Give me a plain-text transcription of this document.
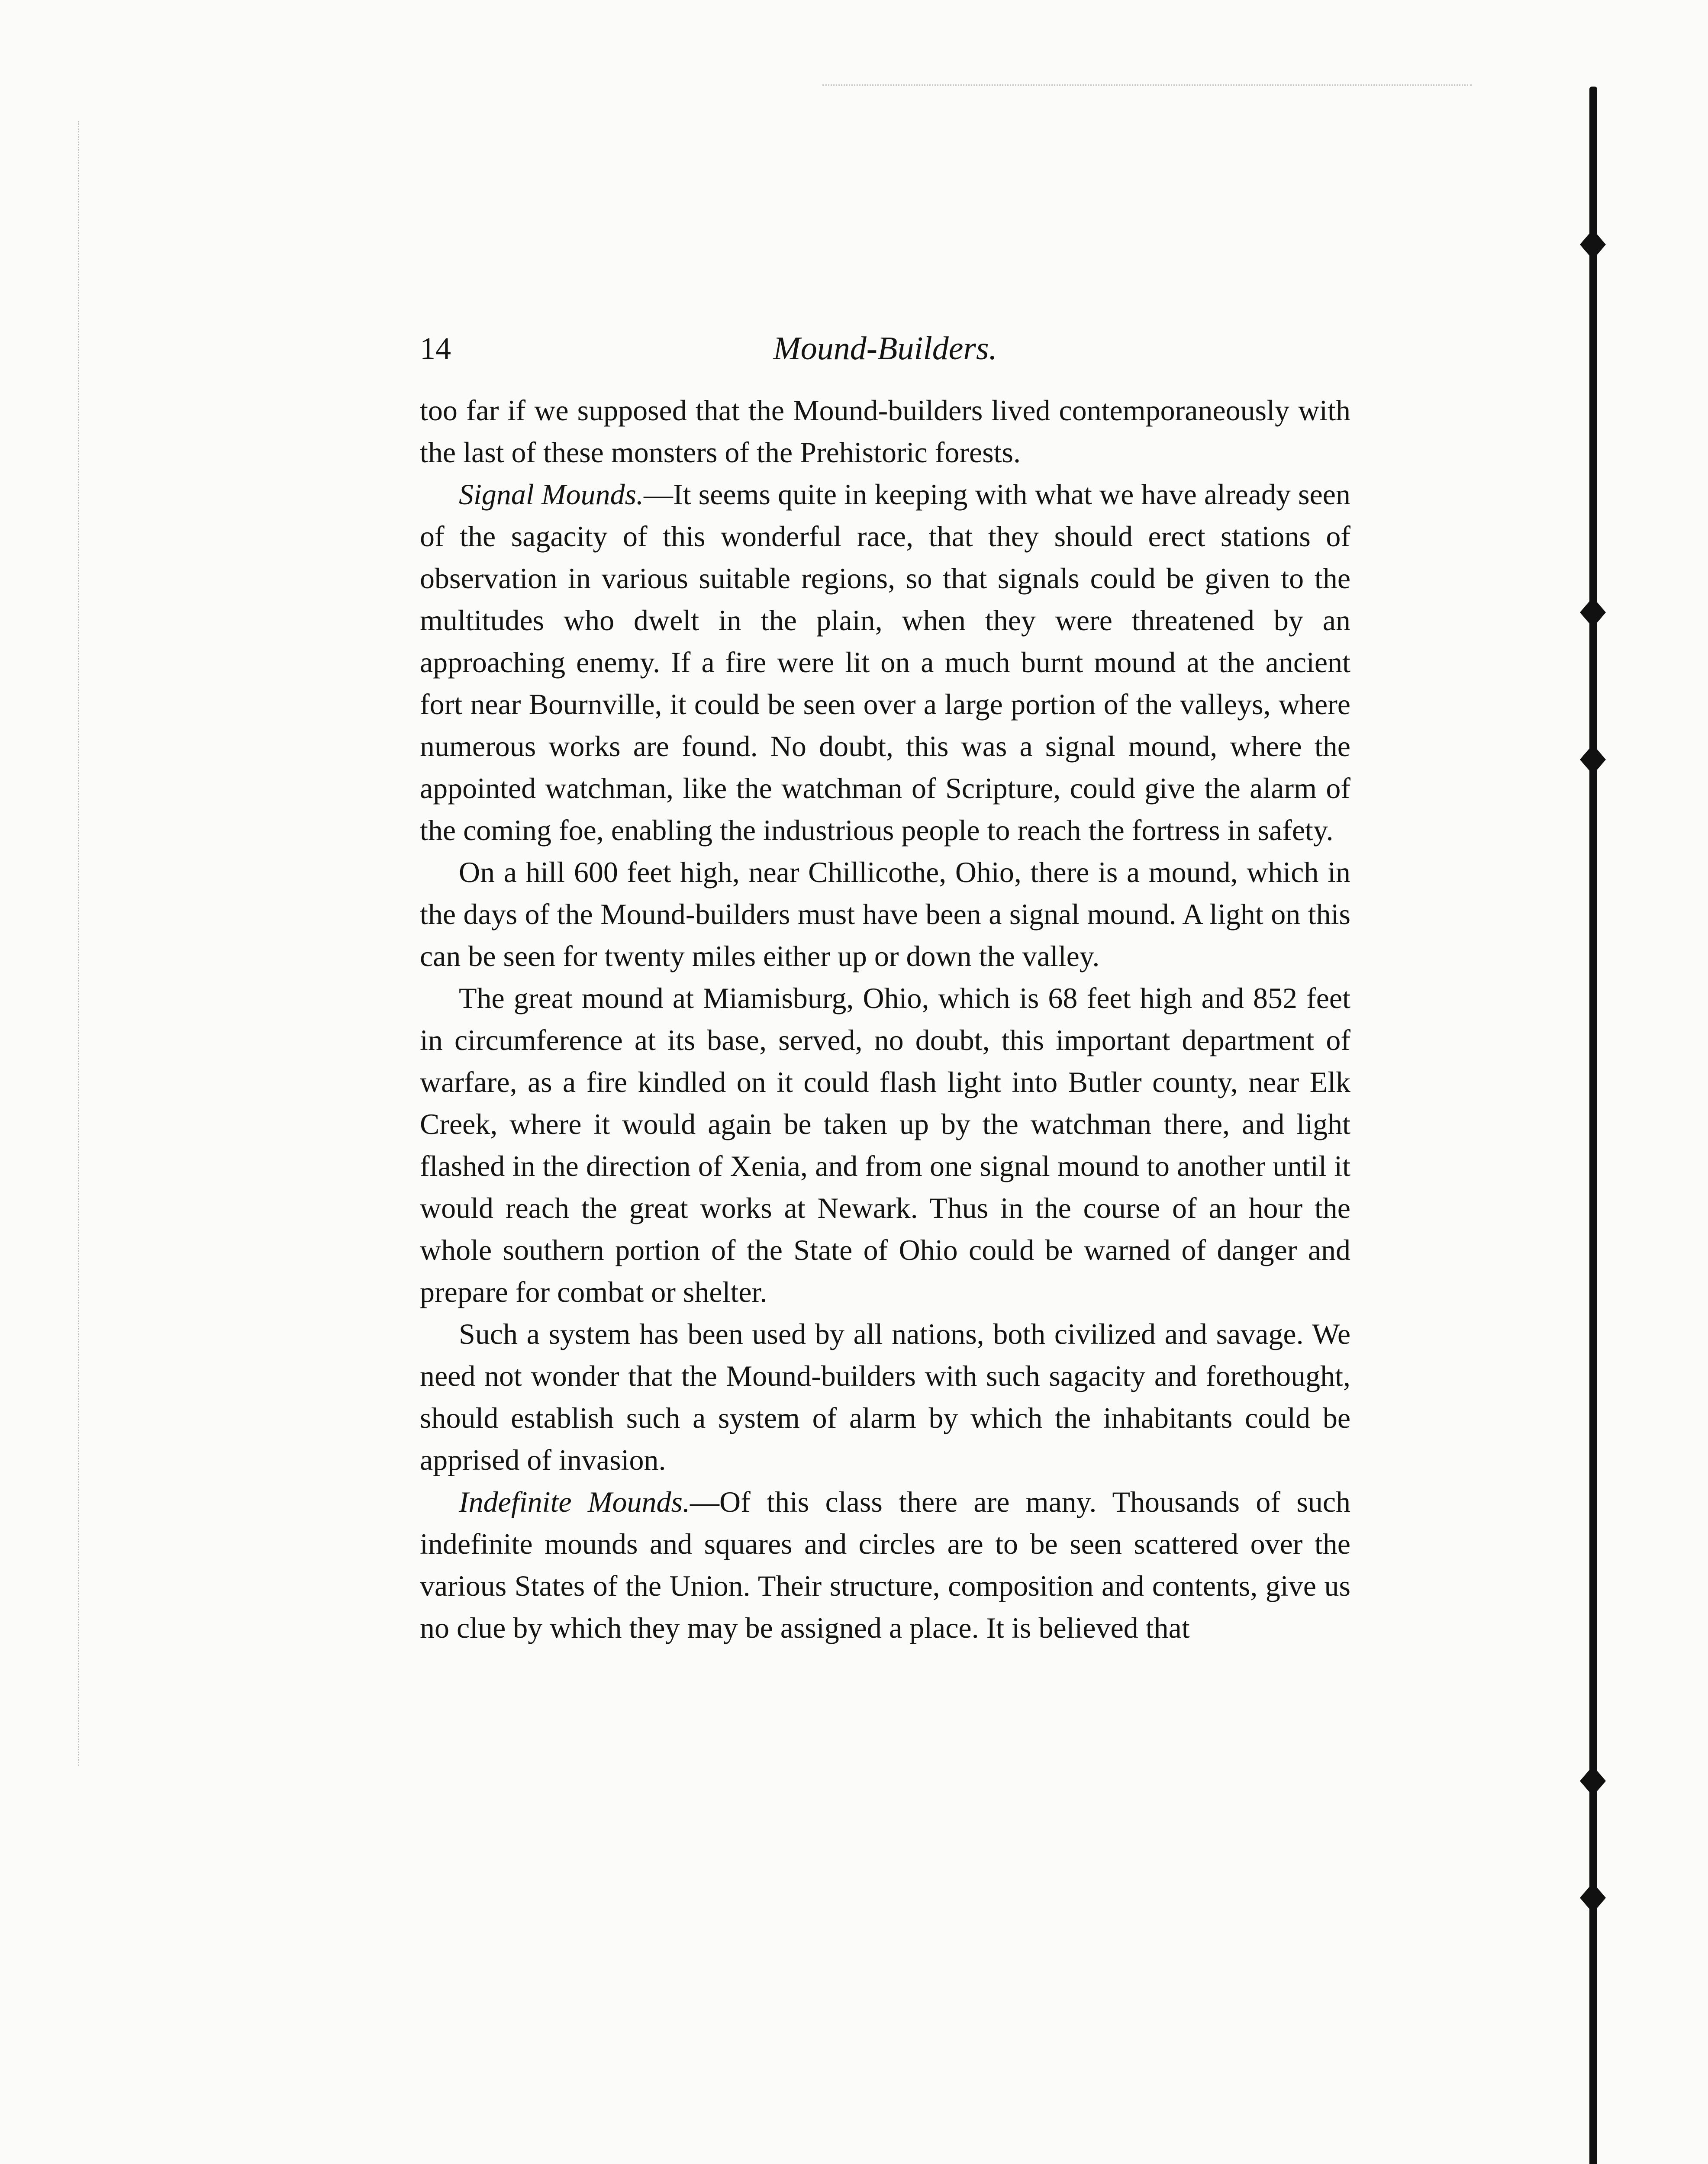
14	Mound-Builders.

too far if we supposed that the Mound-builders lived contemporaneously with the last of these monsters of the Prehistoric forests.

Signal Mounds.—It seems quite in keeping with what we have already seen of the sagacity of this wonderful race, that they should erect stations of observation in various suitable regions, so that signals could be given to the multitudes who dwelt in the plain, when they were threatened by an approaching enemy. If a fire were lit on a much burnt mound at the ancient fort near Bournville, it could be seen over a large portion of the valleys, where numerous works are found. No doubt, this was a signal mound, where the appointed watchman, like the watchman of Scripture, could give the alarm of the coming foe, enabling the industrious people to reach the fortress in safety.

On a hill 600 feet high, near Chillicothe, Ohio, there is a mound, which in the days of the Mound-builders must have been a signal mound. A light on this can be seen for twenty miles either up or down the valley.

The great mound at Miamisburg, Ohio, which is 68 feet high and 852 feet in circumference at its base, served, no doubt, this important department of warfare, as a fire kindled on it could flash light into Butler county, near Elk Creek, where it would again be taken up by the watchman there, and light flashed in the direction of Xenia, and from one signal mound to another until it would reach the great works at Newark. Thus in the course of an hour the whole southern portion of the State of Ohio could be warned of danger and prepare for combat or shelter.

Such a system has been used by all nations, both civilized and savage. We need not wonder that the Mound-builders with such sagacity and forethought, should establish such a system of alarm by which the inhabitants could be apprised of invasion.

Indefinite Mounds.—Of this class there are many. Thousands of such indefinite mounds and squares and circles are to be seen scattered over the various States of the Union. Their structure, composition and contents, give us no clue by which they may be assigned a place. It is believed that
